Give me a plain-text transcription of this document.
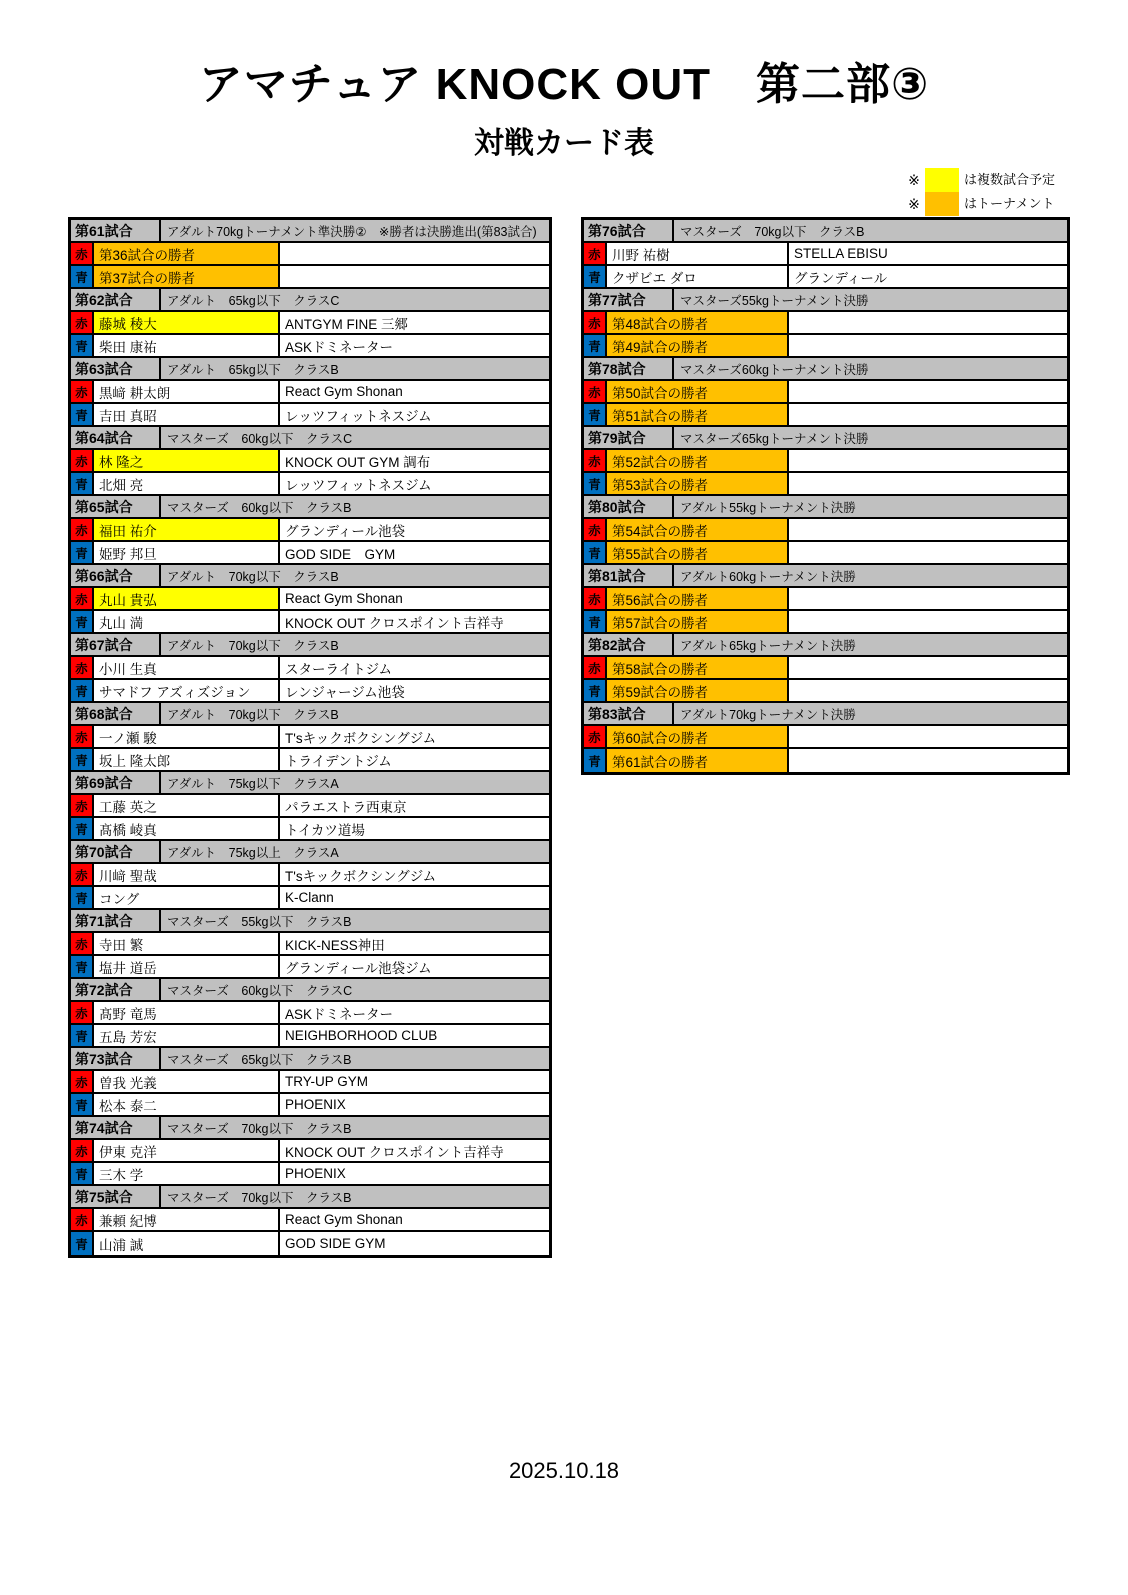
アマチュア KNOCK OUT　第二部③
対戦カード表
※	は複数試合予定
※	はトーナメント
第61試合	アダルト70kgトーナメント準決勝②　※勝者は決勝進出(第83試合)
赤 第36試合の勝者
青 第37試合の勝者
第62試合	アダルト　65kg以下　クラスC
赤 藤城 稜大	ANTGYM FINE 三郷
青 柴田 康祐	ASKドミネーター
第63試合	アダルト　65kg以下　クラスB
赤 黒﨑 耕太朗	React Gym Shonan
青 吉田 真昭	レッツフィットネスジム
第64試合	マスターズ　60kg以下　クラスC
赤 林 隆之	KNOCK OUT GYM 調布
青 北畑 亮	レッツフィットネスジム
第65試合	マスターズ　60kg以下　クラスB
赤 福田 祐介	グランディール池袋
青 姫野 邦旦	GOD SIDE　GYM
第66試合	アダルト　70kg以下　クラスB
赤 丸山 貴弘	React Gym Shonan
青 丸山 満	KNOCK OUT クロスポイント吉祥寺
第67試合	アダルト　70kg以下　クラスB
赤 小川 生真	スターライトジム
青 サマドフ アズィズジョン	レンジャージム池袋
第68試合	アダルト　70kg以下　クラスB
赤 一ノ瀬 駿	T'sキックボクシングジム
青 坂上 隆太郎	トライデントジム
第69試合	アダルト　75kg以下　クラスA
赤 工藤 英之	パラエストラ西東京
青 髙橋 崚真	トイカツ道場
第70試合	アダルト　75kg以上　クラスA
赤 川﨑 聖哉	T'sキックボクシングジム
青 コング	K-Clann
第71試合	マスターズ　55kg以下　クラスB
赤 寺田 繁	KICK-NESS神田
青 塩井 道岳	グランディール池袋ジム
第72試合	マスターズ　60kg以下　クラスC
赤 髙野 竜馬	ASKドミネーター
青 五島 芳宏	NEIGHBORHOOD CLUB
第73試合	マスターズ　65kg以下　クラスB
赤 曽我 光義	TRY-UP GYM
青 松本 泰二	PHOENIX
第74試合	マスターズ　70kg以下　クラスB
赤 伊東 克洋	KNOCK OUT クロスポイント吉祥寺
青 三木 学	PHOENIX
第75試合	マスターズ　70kg以下　クラスB
赤 兼頼 紀博	React Gym Shonan
青 山浦 誠	GOD SIDE GYM
第76試合	マスターズ　70kg以下　クラスB
赤 川野 祐樹	STELLA EBISU
青 クザビエ ダロ	グランディール
第77試合	マスターズ55kgトーナメント決勝
赤 第48試合の勝者
青 第49試合の勝者
第78試合	マスターズ60kgトーナメント決勝
赤 第50試合の勝者
青 第51試合の勝者
第79試合	マスターズ65kgトーナメント決勝
赤 第52試合の勝者
青 第53試合の勝者
第80試合	アダルト55kgトーナメント決勝
赤 第54試合の勝者
青 第55試合の勝者
第81試合	アダルト60kgトーナメント決勝
赤 第56試合の勝者
青 第57試合の勝者
第82試合	アダルト65kgトーナメント決勝
赤 第58試合の勝者
青 第59試合の勝者
第83試合	アダルト70kgトーナメント決勝
赤 第60試合の勝者
青 第61試合の勝者
2025.10.18
